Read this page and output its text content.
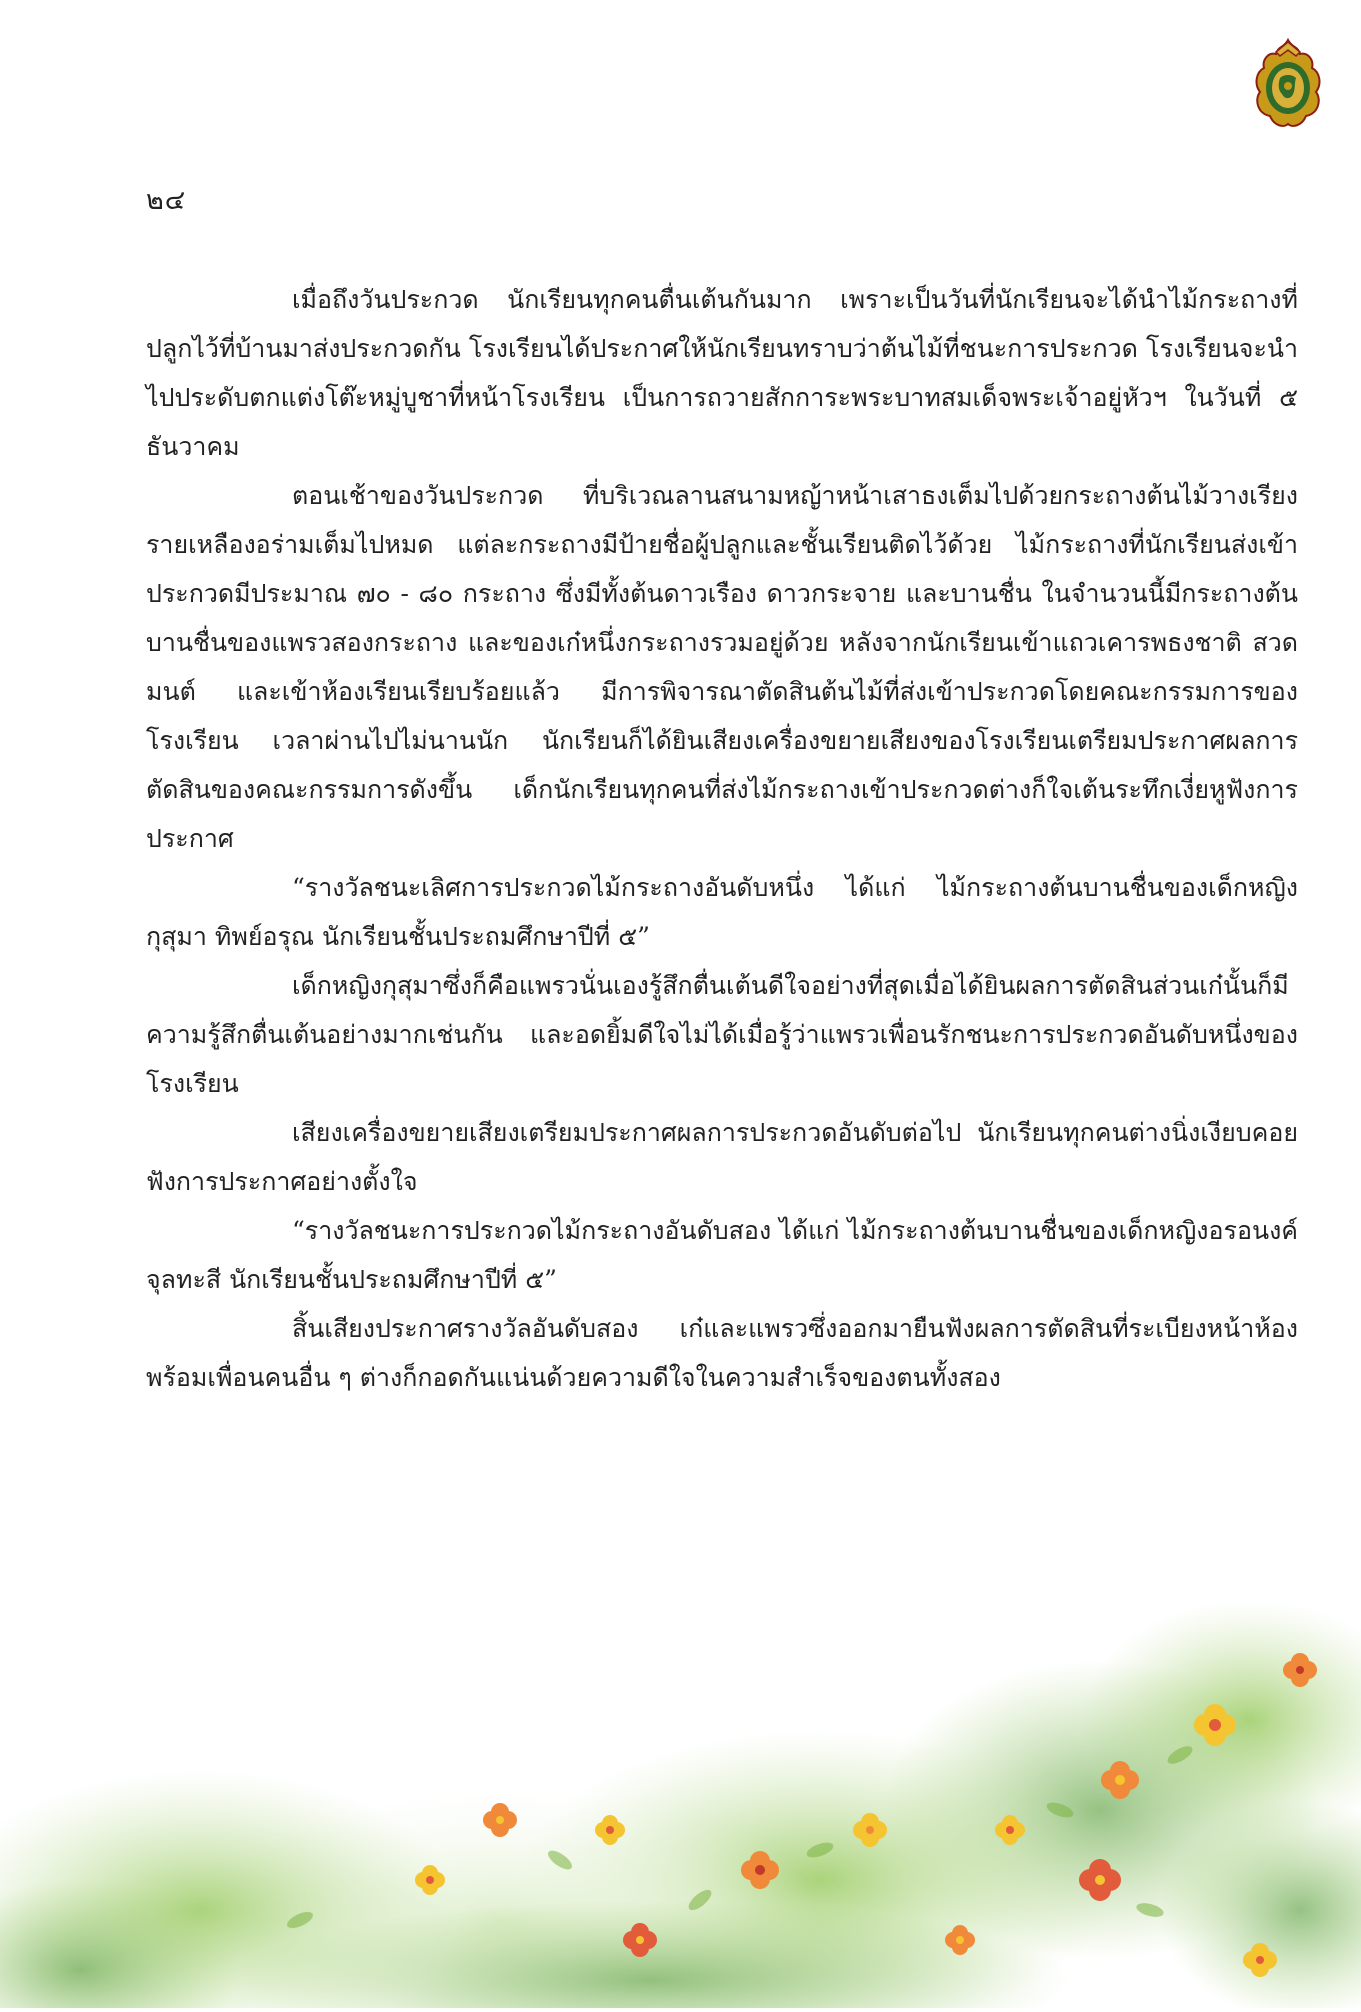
๒๔

เมื่อถึงวันประกวด นักเรียนทุกคนตื่นเต้นกันมาก เพราะเป็นวันที่นักเรียนจะได้นำไม้กระถางที่ปลูกไว้ที่บ้านมาส่งประกวดกัน โรงเรียนได้ประกาศให้นักเรียนทราบว่าต้นไม้ที่ชนะการประกวด โรงเรียนจะนำไปประดับตกแต่งโต๊ะหมู่บูชาที่หน้าโรงเรียน เป็นการถวายสักการะพระบาทสมเด็จพระเจ้าอยู่หัวฯ ในวันที่ ๕ ธันวาคม

ตอนเช้าของวันประกวด ที่บริเวณลานสนามหญ้าหน้าเสาธงเต็มไปด้วยกระถางต้นไม้วางเรียงรายเหลืองอร่ามเต็มไปหมด แต่ละกระถางมีป้ายชื่อผู้ปลูกและชั้นเรียนติดไว้ด้วย ไม้กระถางที่นักเรียนส่งเข้าประกวดมีประมาณ ๗๐ - ๘๐ กระถาง ซึ่งมีทั้งต้นดาวเรือง ดาวกระจาย และบานชื่น ในจำนวนนี้มีกระถางต้นบานชื่นของแพรวสองกระถาง และของเก๋หนึ่งกระถางรวมอยู่ด้วย หลังจากนักเรียนเข้าแถวเคารพธงชาติ สวดมนต์ และเข้าห้องเรียนเรียบร้อยแล้ว มีการพิจารณาตัดสินต้นไม้ที่ส่งเข้าประกวดโดยคณะกรรมการของโรงเรียน เวลาผ่านไปไม่นานนัก นักเรียนก็ได้ยินเสียงเครื่องขยายเสียงของโรงเรียนเตรียมประกาศผลการตัดสินของคณะกรรมการดังขึ้น เด็กนักเรียนทุกคนที่ส่งไม้กระถางเข้าประกวดต่างก็ใจเต้นระทึกเงี่ยหูฟังการประกาศ

“รางวัลชนะเลิศการประกวดไม้กระถางอันดับหนึ่ง ได้แก่ ไม้กระถางต้นบานชื่นของเด็กหญิงกุสุมา ทิพย์อรุณ นักเรียนชั้นประถมศึกษาปีที่ ๕”

เด็กหญิงกุสุมาซึ่งก็คือแพรวนั่นเองรู้สึกตื่นเต้นดีใจอย่างที่สุดเมื่อได้ยินผลการตัดสินส่วนเก๋นั้นก็มีความรู้สึกตื่นเต้นอย่างมากเช่นกัน และอดยิ้มดีใจไม่ได้เมื่อรู้ว่าแพรวเพื่อนรักชนะการประกวดอันดับหนึ่งของโรงเรียน

เสียงเครื่องขยายเสียงเตรียมประกาศผลการประกวดอันดับต่อไป นักเรียนทุกคนต่างนิ่งเงียบคอยฟังการประกาศอย่างตั้งใจ

“รางวัลชนะการประกวดไม้กระถางอันดับสอง ได้แก่ ไม้กระถางต้นบานชื่นของเด็กหญิงอรอนงค์ จุลทะสี นักเรียนชั้นประถมศึกษาปีที่ ๕”

สิ้นเสียงประกาศรางวัลอันดับสอง เก๋และแพรวซึ่งออกมายืนฟังผลการตัดสินที่ระเบียงหน้าห้องพร้อมเพื่อนคนอื่น ๆ ต่างก็กอดกันแน่นด้วยความดีใจในความสำเร็จของตนทั้งสอง
